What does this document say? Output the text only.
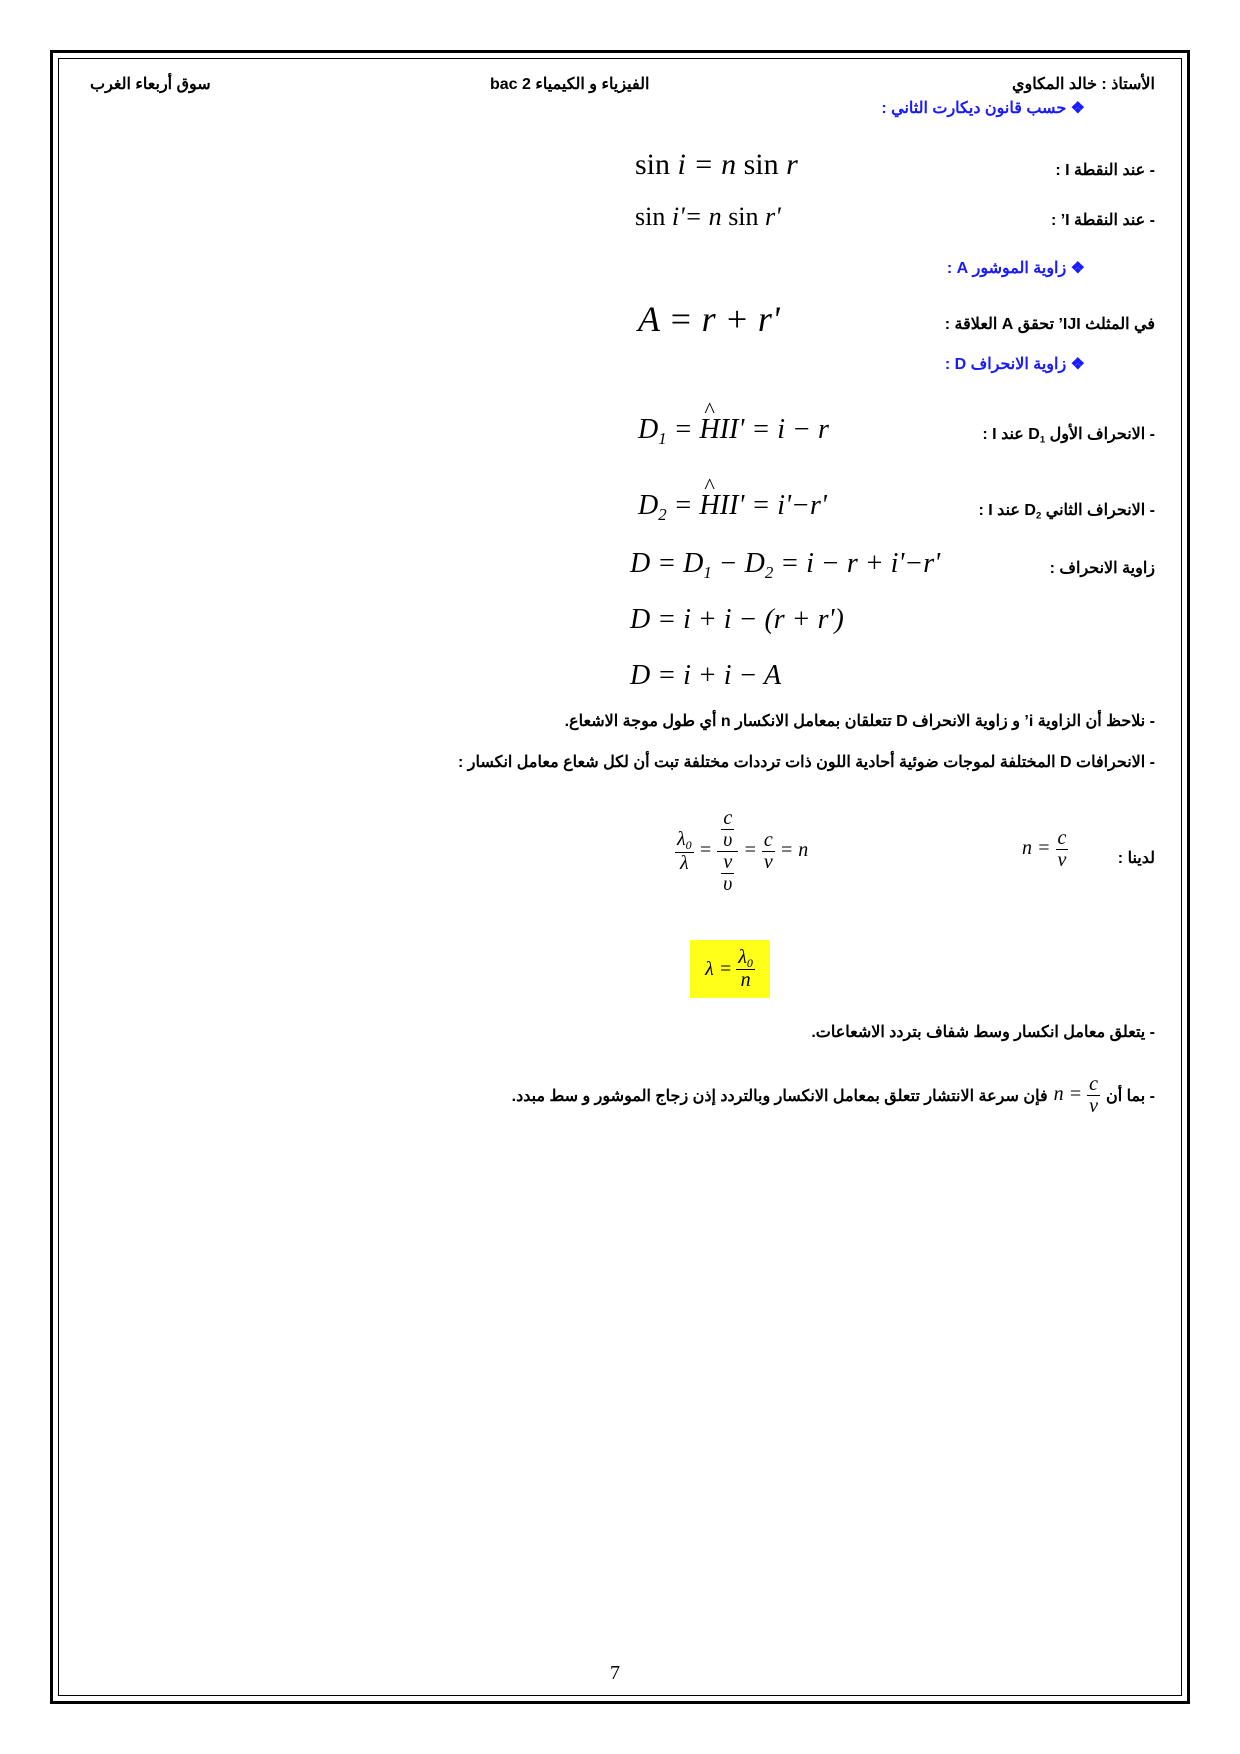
الأستاذ : خالد المكاوي
الفيزياء و الكيمياء 2 bac
سوق أربعاء الغرب
❖ حسب قانون ديكارت الثاني :
- عند النقطة I :
sin i = n sin r
- عند النقطة I’ :
sin i'= n sin r'
❖ زاوية الموشور A :
في المثلث IJI’ تحقق A العلاقة :
A = r + r'
❖ زاوية الانحراف D :
- الانحراف الأول $D_1$ عند I :
$D_1$ = ^ HII' = i − r
- الانحراف الثاني $D_2$ عند I :
$D_2$ = ^ HII' = i'−r'
زاوية الانحراف :
$D = D_1 - D_2 = i - r + i'-r'$
D = i + i − (r + r')
D = i + i − A
- نلاحظ أن الزاوية i’ و زاوية الانحراف D تتعلقان بمعامل الانكسار n أي طول موجة الاشعاع.
- الانحرافات D المختلفة لموجات ضوئية أحادية اللون ذات ترددات مختلفة تبت أن لكل شعاع معامل انكسار :
لدينا :
$n = \frac{c}{v}$
$\frac{\lambda_0}{\lambda} = \frac{\frac{c}{\upsilon}}{\frac{v}{\upsilon}} = \frac{c}{v} = n$
$\lambda = \frac{\lambda_0}{n}$
- يتعلق معامل انكسار وسط شفاف بتردد الاشعاعات.
- بما أن
$n = \frac{c}{v}$
فإن سرعة الانتشار تتعلق بمعامل الانكسار وبالتردد إذن زجاج الموشور و سط مبدد.
7
